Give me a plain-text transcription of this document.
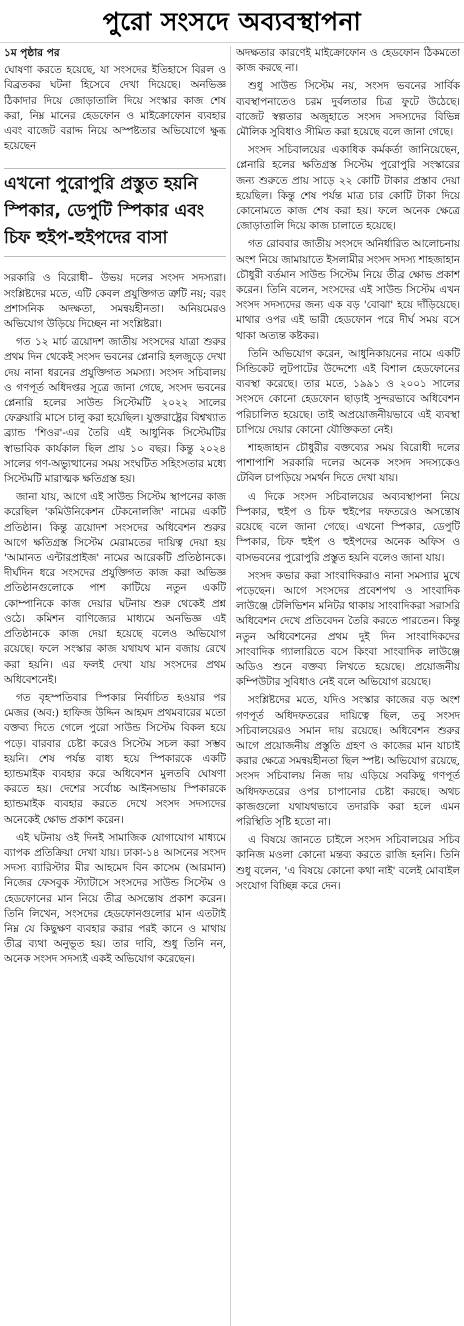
পুরো সংসদে অব্যবস্থাপনা
১ম পৃষ্ঠার পর

ঘোষণা করতে হয়েছে, যা সংসদের ইতিহাসে বিরল ও বিব্রতকর ঘটনা হিসেবে দেখা দিয়েছে। অনভিজ্ঞ ঠিকাদার দিয়ে জোড়াতালি দিয়ে সংস্কার কাজ শেষ করা, নিম্ন মানের হেডফোন ও মাইক্রোফোন ব্যবহার এবং বাজেট বরাদ্দ নিয়ে অস্পষ্টতার অভিযোগে ক্ষুব্ধ হয়েছেন

এখনো পুরোপুরি প্রস্তুত হয়নি স্পিকার, ডেপুটি স্পিকার এবং চিফ হুইপ-হুইপদের বাসা

সরকারি ও বিরোধী– উভয় দলের সংসদ সদস্যরা। সংশ্লিষ্টদের মতে, এটি কেবল প্রযুক্তিগত ত্রুটি নয়; বরং প্রশাসনিক অদক্ষতা, সমন্বয়হীনতা। অনিয়মেরও অভিযোগ উড়িয়ে দিচ্ছেন না সংশ্লিষ্টরা।

গত ১২ মার্চ ত্রয়োদশ জাতীয় সংসদের যাত্রা শুরুর প্রথম দিন থেকেই সংসদ ভবনের প্লেনারি হলজুড়ে দেখা দেয় নানা ধরনের প্রযুক্তিগত সমস্যা। সংসদ সচিবালয় ও গণপূর্ত অধিদপ্তর সূত্রে জানা গেছে, সংসদ ভবনের প্লেনারি হলের সাউন্ড সিস্টেমটি ২০২২ সালের ফেব্রুয়ারি মাসে চালু করা হয়েছিল। যুক্তরাষ্ট্রের বিশ্বখ্যাত ব্র্যান্ড 'শিওর'-এর তৈরি এই আধুনিক সিস্টেমটির স্বাভাবিক কার্যকাল ছিল প্রায় ১০ বছর। কিন্তু ২০২৪ সালের গণ-অভ্যুত্থানের সময় সংঘটিত সহিংসতার মধ্যে সিস্টেমটি মারাত্মক ক্ষতিগ্রস্ত হয়।

জানা যায়, আগে এই সাউন্ড সিস্টেম স্থাপনের কাজ করেছিল 'কমিউনিকেশন টেকনোলজি' নামের একটি প্রতিষ্ঠান। কিন্তু ত্রয়োদশ সংসদের অধিবেশন শুরুর আগে ক্ষতিগ্রস্ত সিস্টেম মেরামতের দায়িত্ব দেয়া হয় 'আমানত এন্টারপ্রাইজ' নামের আরেকটি প্রতিষ্ঠানকে। দীর্ঘদিন ধরে সংসদের প্রযুক্তিগত কাজ করা অভিজ্ঞ প্রতিষ্ঠানগুলোকে পাশ কাটিয়ে নতুন একটি কোম্পানিকে কাজ দেয়ার ঘটনায় শুরু থেকেই প্রশ্ন ওঠে। কমিশন বাণিজ্যের মাধ্যমে অনভিজ্ঞ এই প্রতিষ্ঠানকে কাজ দেয়া হয়েছে বলেও অভিযোগ রয়েছে। ফলে সংস্কার কাজ যথাযথ মান বজায় রেখে করা হয়নি। এর ফলই দেখা যায় সংসদের প্রথম অধিবেশনেই।

গত বৃহস্পতিবার স্পিকার নির্বাচিত হওয়ার পর মেজর (অব:) হাফিজ উদ্দিন আহমদ প্রথমবারের মতো বক্তব্য দিতে গেলে পুরো সাউন্ড সিস্টেম বিকল হয়ে পড়ে। বারবার চেষ্টা করেও সিস্টেম সচল করা সম্ভব হয়নি। শেষ পর্যন্ত বাধ্য হয়ে স্পিকারকে একটি হ্যান্ডমাইক ব্যবহার করে অধিবেশন মুলতবি ঘোষণা করতে হয়। দেশের সর্বোচ্চ আইনসভায় স্পিকারকে হ্যান্ডমাইক ব্যবহার করতে দেখে সংসদ সদস্যদের অনেকেই ক্ষোভ প্রকাশ করেন।

এই ঘটনায় ওই দিনই সামাজিক যোগাযোগ মাধ্যমে ব্যাপক প্রতিক্রিয়া দেখা যায়। ঢাকা-১৪ আসনের সংসদ সদস্য ব্যারিস্টার মীর আহমেদ বিন কাসেম (আরমান) নিজের ফেসবুক স্ট্যাটাসে সংসদের সাউন্ড সিস্টেম ও হেডফোনের মান নিয়ে তীব্র অসন্তোষ প্রকাশ করেন। তিনি লিখেন, সংসদের হেডফোনগুলোর মান এতটাই নিম্ন যে কিছুক্ষণ ব্যবহার করার পরই কানে ও মাথায় তীব্র ব্যথা অনুভূত হয়। তার দাবি, শুধু তিনি নন, অনেক সংসদ সদস্যই একই অভিযোগ করেছেন।

অদক্ষতার কারণেই মাইক্রোফোন ও হেডফোন ঠিকমতো কাজ করছে না।

শুধু সাউন্ড সিস্টেম নয়, সংসদ ভবনের সার্বিক ব্যবস্থাপনাতেও চরম দুর্বলতার চিত্র ফুটে উঠেছে। বাজেট স্বল্পতার অজুহাতে সংসদ সদস্যদের বিভিন্ন মৌলিক সুবিধাও সীমিত করা হয়েছে বলে জানা গেছে।

সংসদ সচিবালয়ের একাধিক কর্মকর্তা জানিয়েছেন, প্লেনারি হলের ক্ষতিগ্রস্ত সিস্টেম পুরোপুরি সংস্কারের জন্য শুরুতে প্রায় সাড়ে ২২ কোটি টাকার প্রস্তাব দেয়া হয়েছিল। কিন্তু শেষ পর্যন্ত মাত্র চার কোটি টাকা দিয়ে কোনোমতে কাজ শেষ করা হয়। ফলে অনেক ক্ষেত্রে জোড়াতালি দিয়ে কাজ চালাতে হয়েছে।

গত রোববার জাতীয় সংসদে অনির্ধারিত আলোচনায় অংশ নিয়ে জামায়াতে ইসলামীর সংসদ সদস্য শাহজাহান চৌধুরী বর্তমান সাউন্ড সিস্টেম নিয়ে তীব্র ক্ষোভ প্রকাশ করেন। তিনি বলেন, সংসদের এই সাউন্ড সিস্টেম এখন সংসদ সদস্যদের জন্য এক বড় 'বোঝা' হয়ে দাঁড়িয়েছে। মাথার ওপর এই ভারী হেডফোন পরে দীর্ঘ সময় বসে থাকা অত্যন্ত কষ্টকর।

তিনি অভিযোগ করেন, আধুনিকায়নের নামে একটি সিন্ডিকেট লুটপাটের উদ্দেশ্যে এই বিশাল হেডফোনের ব্যবস্থা করেছে। তার মতে, ১৯৯১ ও ২০০১ সালের সংসদে কোনো হেডফোন ছাড়াই সুন্দরভাবে অধিবেশন পরিচালিত হয়েছে। তাই অপ্রয়োজনীয়ভাবে এই ব্যবস্থা চাপিয়ে দেয়ার কোনো যৌক্তিকতা নেই।

শাহজাহান চৌধুরীর বক্তব্যের সময় বিরোধী দলের পাশাপাশি সরকারি দলের অনেক সংসদ সদস্যকেও টেবিল চাপড়িয়ে সমর্থন দিতে দেখা যায়।

এ দিকে সংসদ সচিবালয়ের অব্যবস্থাপনা নিয়ে স্পিকার, হুইপ ও চিফ হুইপের দফতরেও অসন্তোষ রয়েছে বলে জানা গেছে। এখনো স্পিকার, ডেপুটি স্পিকার, চিফ হুইপ ও হুইপদের অনেক অফিস ও বাসভবনের পুরোপুরি প্রস্তুত হয়নি বলেও জানা যায়।

সংসদ কভার করা সাংবাদিকরাও নানা সমস্যার মুখে পড়েছেন। আগে সংসদের প্রবেশপথ ও সাংবাদিক লাউঞ্জে টেলিভিশন মনিটর থাকায় সাংবাদিকরা সরাসরি অধিবেশন দেখে প্রতিবেদন তৈরি করতে পারতেন। কিন্তু নতুন অধিবেশনের প্রথম দুই দিন সাংবাদিকদের সাংবাদিক গ্যালারিতে বসে কিংবা সাংবাদিক লাউঞ্জে অডিও শুনে বক্তব্য লিখতে হয়েছে। প্রয়োজনীয় কম্পিউটার সুবিধাও নেই বলে অভিযোগ রয়েছে।

সংশ্লিষ্টদের মতে, যদিও সংস্কার কাজের বড় অংশ গণপূর্ত অধিদফতরের দায়িত্বে ছিল, তবু সংসদ সচিবালয়েরও সমান দায় রয়েছে। অধিবেশন শুরুর আগে প্রয়োজনীয় প্রস্তুতি গ্রহণ ও কাজের মান যাচাই করার ক্ষেত্রে সমন্বয়হীনতা ছিল স্পষ্ট। অভিযোগ রয়েছে, সংসদ সচিবালয় নিজ দায় এড়িয়ে সবকিছু গণপূর্ত অধিদফতরের ওপর চাপানোর চেষ্টা করছে। অথচ কাজগুলো যথাযথভাবে তদারকি করা হলে এমন পরিস্থিতি সৃষ্টি হতো না।

এ বিষয়ে জানতে চাইলে সংসদ সচিবালয়ের সচিব কানিজ মওলা কোনো মন্তব্য করতে রাজি হননি। তিনি শুধু বলেন, 'এ বিষয়ে কোনো কথা নাই' বলেই মোবাইল সংযোগ বিচ্ছিন্ন করে দেন।
